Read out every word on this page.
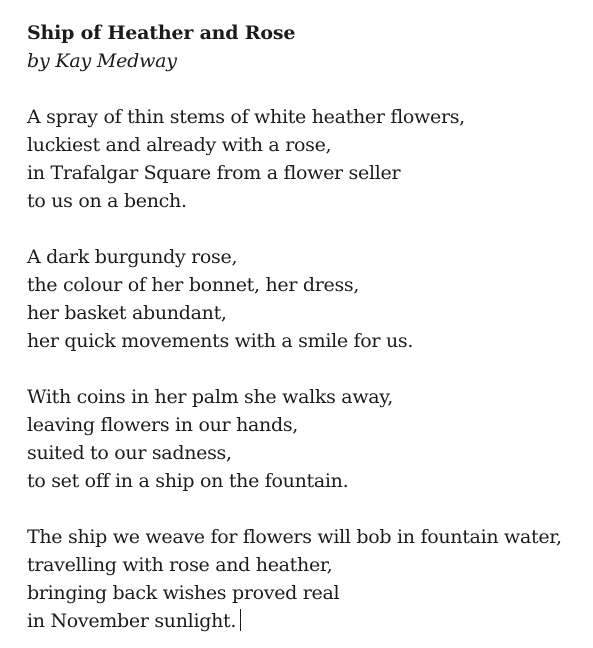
Ship of Heather and Rose
by Kay Medway
A spray of thin stems of white heather flowers,
luckiest and already with a rose,
in Trafalgar Square from a flower seller
to us on a bench.
A dark burgundy rose,
the colour of her bonnet, her dress,
her basket abundant,
her quick movements with a smile for us.
With coins in her palm she walks away,
leaving flowers in our hands,
suited to our sadness,
to set off in a ship on the fountain.
The ship we weave for flowers will bob in fountain water,
travelling with rose and heather,
bringing back wishes proved real
in November sunlight.
